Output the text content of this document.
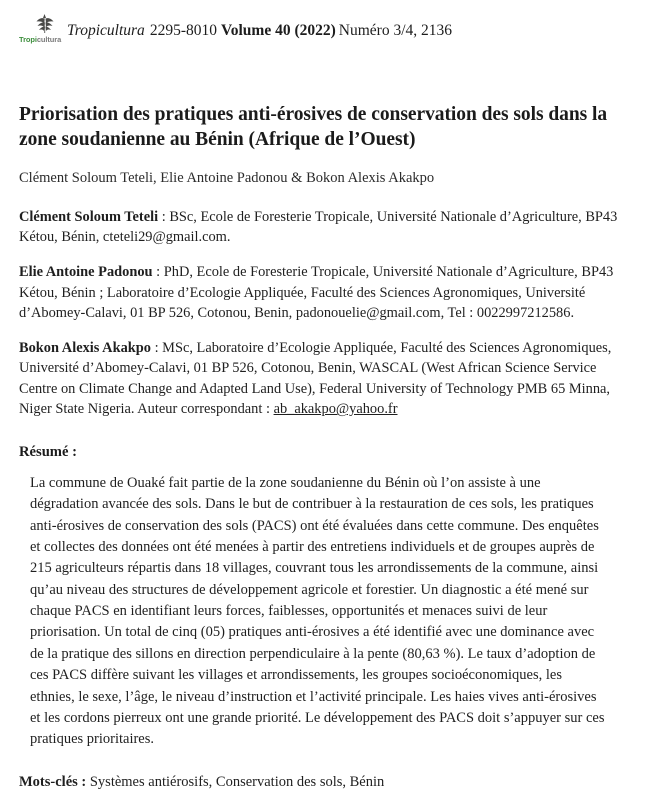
Tropicultura
Tropicultura 2295-8010 Volume 40 (2022) Numéro 3/4, 2136
Priorisation des pratiques anti-érosives de conservation des sols dans la zone soudanienne au Bénin (Afrique de l’Ouest)
Clément Soloum Teteli, Elie Antoine Padonou & Bokon Alexis Akakpo

Clément Soloum Teteli : BSc, Ecole de Foresterie Tropicale, Université Nationale d’Agriculture, BP43 Kétou, Bénin, cteteli29@gmail.com.

Elie Antoine Padonou : PhD, Ecole de Foresterie Tropicale, Université Nationale d’Agriculture, BP43 Kétou, Bénin ; Laboratoire d’Ecologie Appliquée, Faculté des Sciences Agronomiques, Université d’Abomey-Calavi, 01 BP 526, Cotonou, Benin, padonouelie@gmail.com, Tel : 0022997212586.

Bokon Alexis Akakpo : MSc, Laboratoire d’Ecologie Appliquée, Faculté des Sciences Agronomiques, Université d’Abomey-Calavi, 01 BP 526, Cotonou, Benin, WASCAL (West African Science Service Centre on Climate Change and Adapted Land Use), Federal University of Technology PMB 65 Minna, Niger State Nigeria. Auteur correspondant : ab_akakpo@yahoo.fr

Résumé :

La commune de Ouaké fait partie de la zone soudanienne du Bénin où l’on assiste à une dégradation avancée des sols. Dans le but de contribuer à la restauration de ces sols, les pratiques anti-érosives de conservation des sols (PACS) ont été évaluées dans cette commune. Des enquêtes et collectes des données ont été menées à partir des entretiens individuels et de groupes auprès de 215 agriculteurs répartis dans 18 villages, couvrant tous les arrondissements de la commune, ainsi qu’au niveau des structures de développement agricole et forestier. Un diagnostic a été mené sur chaque PACS en identifiant leurs forces, faiblesses, opportunités et menaces suivi de leur priorisation. Un total de cinq (05) pratiques anti-érosives a été identifié avec une dominance avec de la pratique des sillons en direction perpendiculaire à la pente (80,63 %). Le taux d’adoption de ces PACS diffère suivant les villages et arrondissements, les groupes socioéconomiques, les ethnies, le sexe, l’âge, le niveau d’instruction et l’activité principale. Les haies vives anti-érosives et les cordons pierreux ont une grande priorité. Le développement des PACS doit s’appuyer sur ces pratiques prioritaires.

Mots-clés : Systèmes antiérosifs, Conservation des sols, Bénin
